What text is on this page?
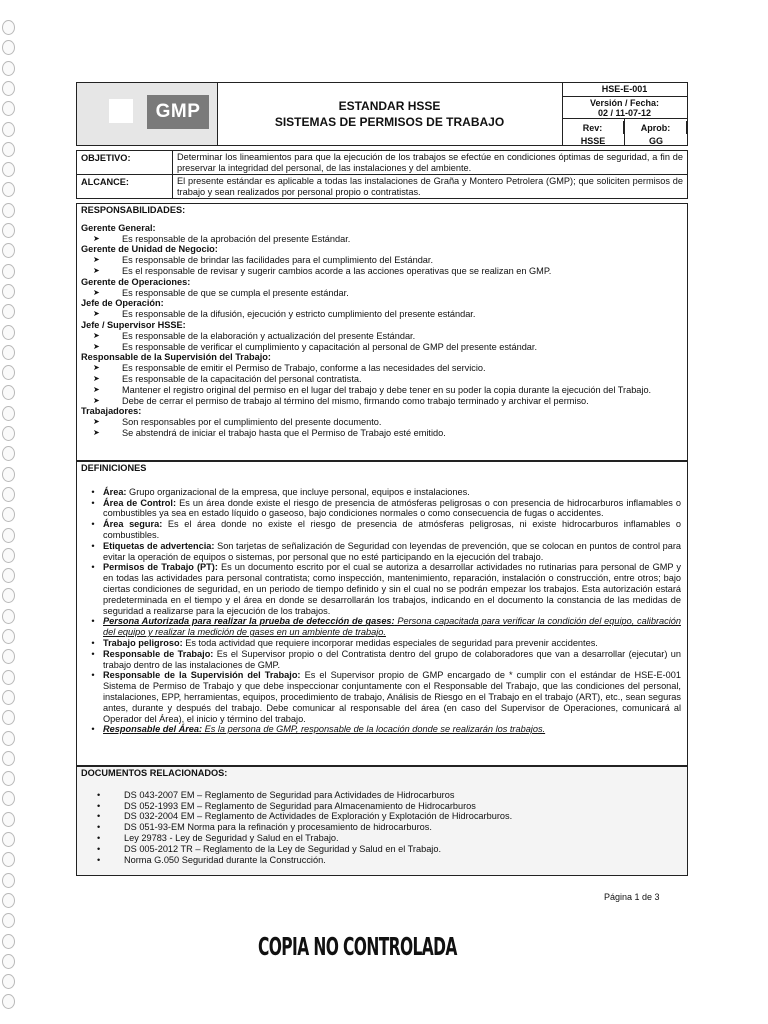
GMP	ESTANDAR HSSE
SISTEMAS DE PERMISOS DE TRABAJO
HSE-E-001
Versión / Fecha:
02 / 11-07-12
Rev:
HSSE
Aprob:
GG
OBJETIVO:	Determinar los lineamientos para que la ejecución de los trabajos se efectúe en condiciones óptimas de seguridad, a fin de preservar la integridad del personal, de las instalaciones y del ambiente.
ALCANCE:	El presente estándar es aplicable a todas las instalaciones de Graña y Montero Petrolera (GMP); que soliciten permisos de trabajo y sean realizados por personal propio o contratistas.
RESPONSABILIDADES:
Gerente General:
➤	Es responsable de la aprobación del presente Estándar.
Gerente de Unidad de Negocio:
➤	Es responsable de brindar las facilidades para el cumplimiento del Estándar.
➤	Es el responsable de revisar y sugerir cambios acorde a las acciones operativas que se realizan en GMP.
Gerente de Operaciones:
➤	Es responsable de que se cumpla el presente estándar.
Jefe de Operación:
➤	Es responsable de la difusión, ejecución y estricto cumplimiento del presente estándar.
Jefe / Supervisor HSSE:
➤	Es responsable de la elaboración y actualización del presente Estándar.
➤	Es responsable de verificar el cumplimiento y capacitación al personal de GMP del presente estándar.
Responsable de la Supervisión del Trabajo:
➤	Es responsable de emitir el Permiso de Trabajo, conforme a las necesidades del servicio.
➤	Es responsable de la capacitación del personal contratista.
➤	Mantener el registro original del permiso en el lugar del trabajo y debe tener en su poder la copia durante la ejecución del Trabajo.
➤	Debe de cerrar el permiso de trabajo al término del mismo, firmando como trabajo terminado y archivar el permiso.
Trabajadores:
➤	Son responsables por el cumplimiento del presente documento.
➤	Se abstendrá de iniciar el trabajo hasta que el Permiso de Trabajo esté emitido.
DEFINICIONES
• Área: Grupo organizacional de la empresa, que incluye personal, equipos e instalaciones.
• Área de Control: Es un área donde existe el riesgo de presencia de atmósferas peligrosas o con presencia de hidrocarburos inflamables o combustibles ya sea en estado líquido o gaseoso, bajo condiciones normales o como consecuencia de fugas o accidentes.
• Área segura: Es el área donde no existe el riesgo de presencia de atmósferas peligrosas, ni existe hidrocarburos inflamables o combustibles.
• Etiquetas de advertencia: Son tarjetas de señalización de Seguridad con leyendas de prevención, que se colocan en puntos de control para evitar la operación de equipos o sistemas, por personal que no esté participando en la ejecución del trabajo.
• Permisos de Trabajo (PT): Es un documento escrito por el cual se autoriza a desarrollar actividades no rutinarias para personal de GMP y en todas las actividades para personal contratista; como inspección, mantenimiento, reparación, instalación o construcción, entre otros; bajo ciertas condiciones de seguridad, en un periodo de tiempo definido y sin el cual no se podrán empezar los trabajos. Esta autorización estará predeterminada en el tiempo y el área en donde se desarrollarán los trabajos, indicando en el documento la constancia de las medidas de seguridad a realizarse para la ejecución de los trabajos.
• Persona Autorizada para realizar la prueba de detección de gases: Persona capacitada para verificar la condición del equipo, calibración del equipo y realizar la medición de gases en un ambiente de trabajo.
• Trabajo peligroso: Es toda actividad que requiere incorporar medidas especiales de seguridad para prevenir accidentes.
• Responsable de Trabajo: Es el Supervisor propio o del Contratista dentro del grupo de colaboradores que van a desarrollar (ejecutar) un trabajo dentro de las instalaciones de GMP.
• Responsable de la Supervisión del Trabajo: Es el Supervisor propio de GMP encargado de * cumplir con el estándar de HSE-E-001 Sistema de Permiso de Trabajo y que debe inspeccionar conjuntamente con el Responsable del Trabajo, que las condiciones del personal, instalaciones, EPP, herramientas, equipos, procedimiento de trabajo, Análisis de Riesgo en el Trabajo en el trabajo (ART), etc., sean seguras antes, durante y después del trabajo. Debe comunicar al responsable del área (en caso del Supervisor de Operaciones, comunicará al Operador del Área), el inicio y término del trabajo.
• Responsable del Área: Es la persona de GMP, responsable de la locación donde se realizarán los trabajos.
DOCUMENTOS RELACIONADOS:
•	DS 043-2007 EM – Reglamento de Seguridad para Actividades de Hidrocarburos
•	DS 052-1993 EM – Reglamento de Seguridad para Almacenamiento de Hidrocarburos
•	DS 032-2004 EM – Reglamento de Actividades de Exploración y Explotación de Hidrocarburos.
•	DS 051-93-EM Norma para la refinación y procesamiento de hidrocarburos.
•	Ley 29783 - Ley de Seguridad y Salud en el Trabajo.
•	DS 005-2012 TR – Reglamento de la Ley de Seguridad y Salud en el Trabajo.
•	Norma G.050 Seguridad durante la Construcción.
Página 1 de 3
COPIA NO CONTROLADA
